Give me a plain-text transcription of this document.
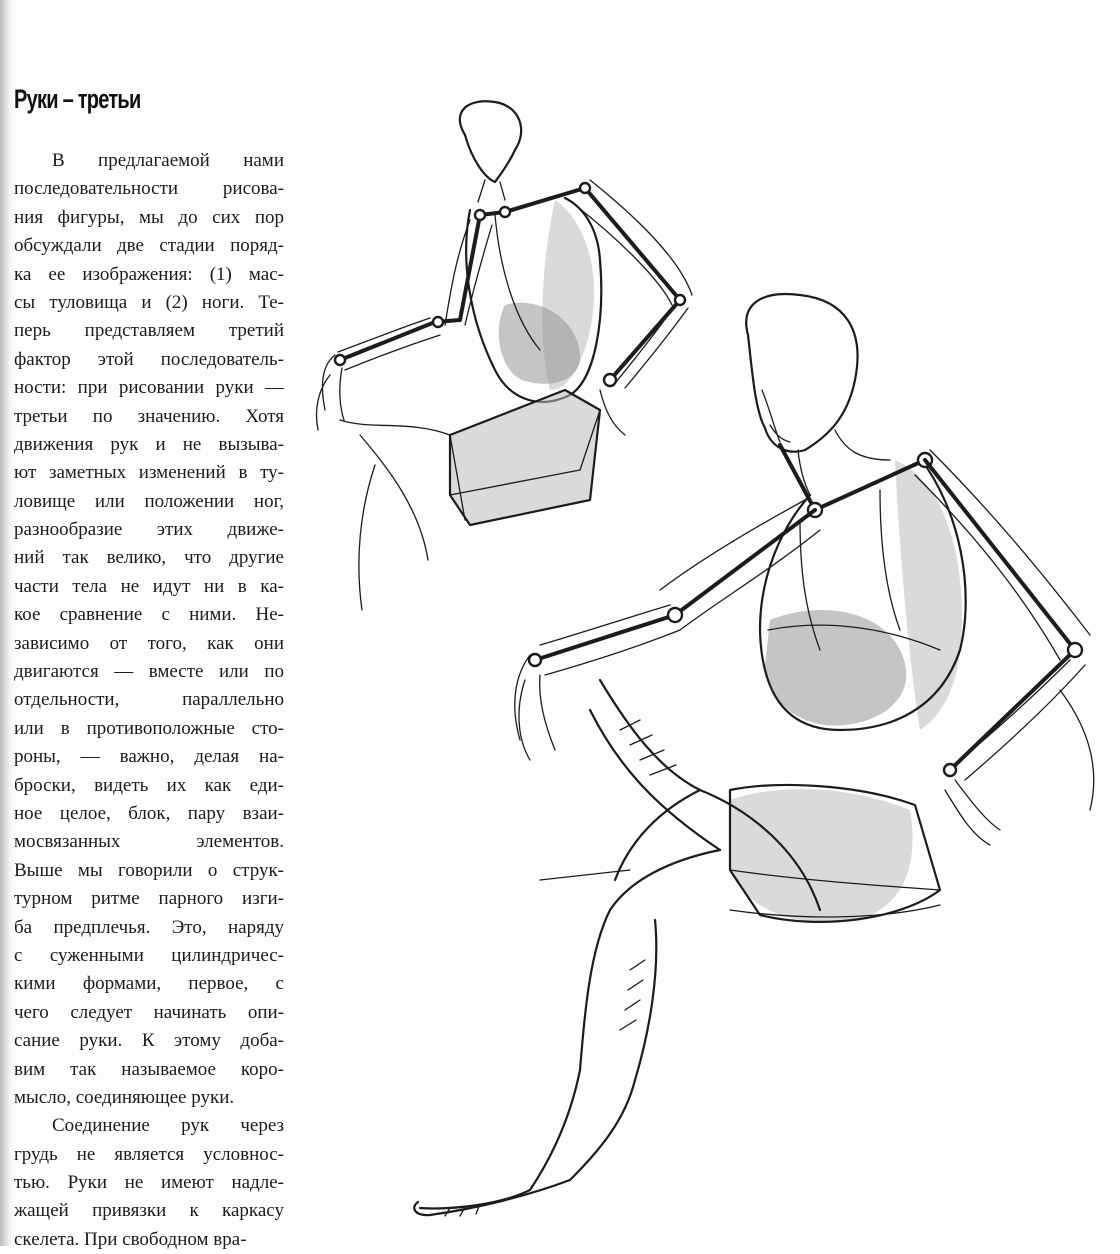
Руки – третьи
В предлагаемой нами
последовательности рисова-
ния фигуры, мы до сих пор
обсуждали две стадии поряд-
ка ее изображения: (1) мас-
сы туловища и (2) ноги. Те-
перь представляем третий
фактор этой последователь-
ности: при рисовании руки —
третьи по значению. Хотя
движения рук и не вызыва-
ют заметных изменений в ту-
ловище или положении ног,
разнообразие этих движе-
ний так велико, что другие
части тела не идут ни в ка-
кое сравнение с ними. Не-
зависимо от того, как они
двигаются — вместе или по
отдельности, параллельно
или в противоположные сто-
роны, — важно, делая на-
броски, видеть их как еди-
ное целое, блок, пару взаи-
мосвязанных элементов.
Выше мы говорили о струк-
турном ритме парного изги-
ба предплечья. Это, наряду
с суженными цилиндричес-
кими формами, первое, с
чего следует начинать опи-
сание руки. К этому доба-
вим так называемое коро-
мысло, соединяющее руки.
Соединение рук через
грудь не является условнос-
тью. Руки не имеют надле-
жащей привязки к каркасу
скелета. При свободном вра-
